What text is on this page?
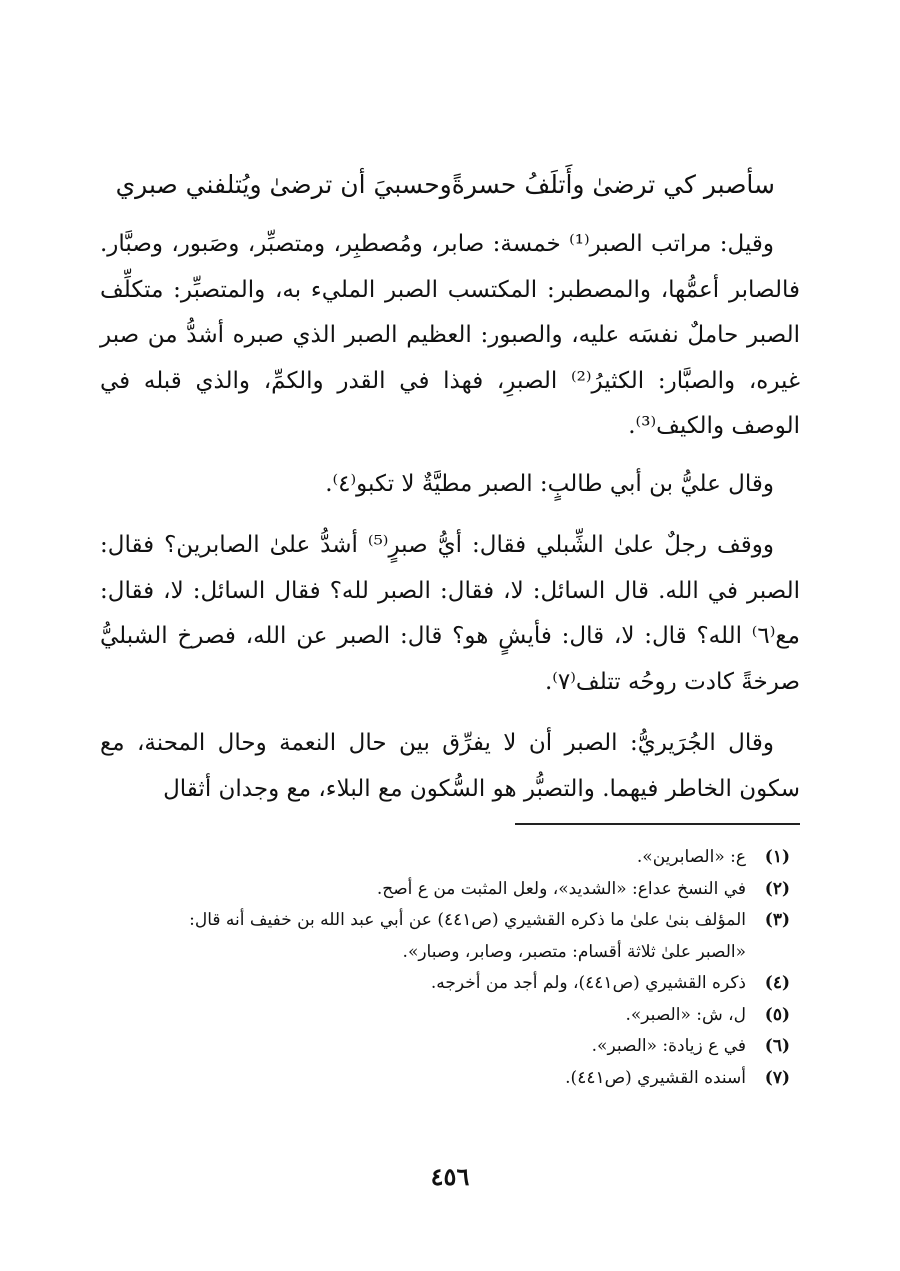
سأصبر كي ترضىٰ وأَتلَفُ حسرةً
وحسبيَ أن ترضىٰ ويُتلفني صبري

وقيل: مراتب الصبر⁽¹⁾ خمسة: صابر، ومُصطبِر، ومتصبِّر، وصَبور، وصبَّار. فالصابر أعمُّها، والمصطبر: المكتسب الصبر المليء به، والمتصبِّر: متكلِّف الصبر حاملٌ نفسَه عليه، والصبور: العظيم الصبر الذي صبره أشدُّ من صبر غيره، والصبَّار: الكثيرُ⁽²⁾ الصبرِ، فهذا في القدر والكمِّ، والذي قبله في الوصف والكيف⁽³⁾.

وقال عليُّ بن أبي طالبٍ: الصبر مطيَّةٌ لا تكبو⁽٤⁾.

ووقف رجلٌ علىٰ الشِّبلي فقال: أيُّ صبرٍ⁽⁵⁾ أشدُّ علىٰ الصابرين؟ فقال: الصبر في الله. قال السائل: لا، فقال: الصبر لله؟ فقال السائل: لا، فقال: مع⁽٦⁾ الله؟ قال: لا، قال: فأيشٍ هو؟ قال: الصبر عن الله، فصرخ الشبليُّ صرخةً كادت روحُه تتلف⁽٧⁾.

وقال الجُرَيريُّ: الصبر أن لا يفرِّق بين حال النعمة وحال المحنة، مع سكون الخاطر فيهما. والتصبُّر هو السُّكون مع البلاء، مع وجدان أثقال

(١)
ع: «الصابرين».
(٢)
في النسخ عداع: «الشديد»، ولعل المثبت من ع أصح.
(٣)
المؤلف بنىٰ علىٰ ما ذكره القشيري (ص٤٤١) عن أبي عبد الله بن خفيف أنه قال:
«الصبر علىٰ ثلاثة أقسام: متصبر، وصابر، وصبار».
(٤)
ذكره القشيري (ص٤٤١)، ولم أجد من أخرجه.
(٥)
ل، ش: «الصبر».
(٦)
في ع زيادة: «الصبر».
(٧)
أسنده القشيري (ص٤٤١).
٤٥٦
